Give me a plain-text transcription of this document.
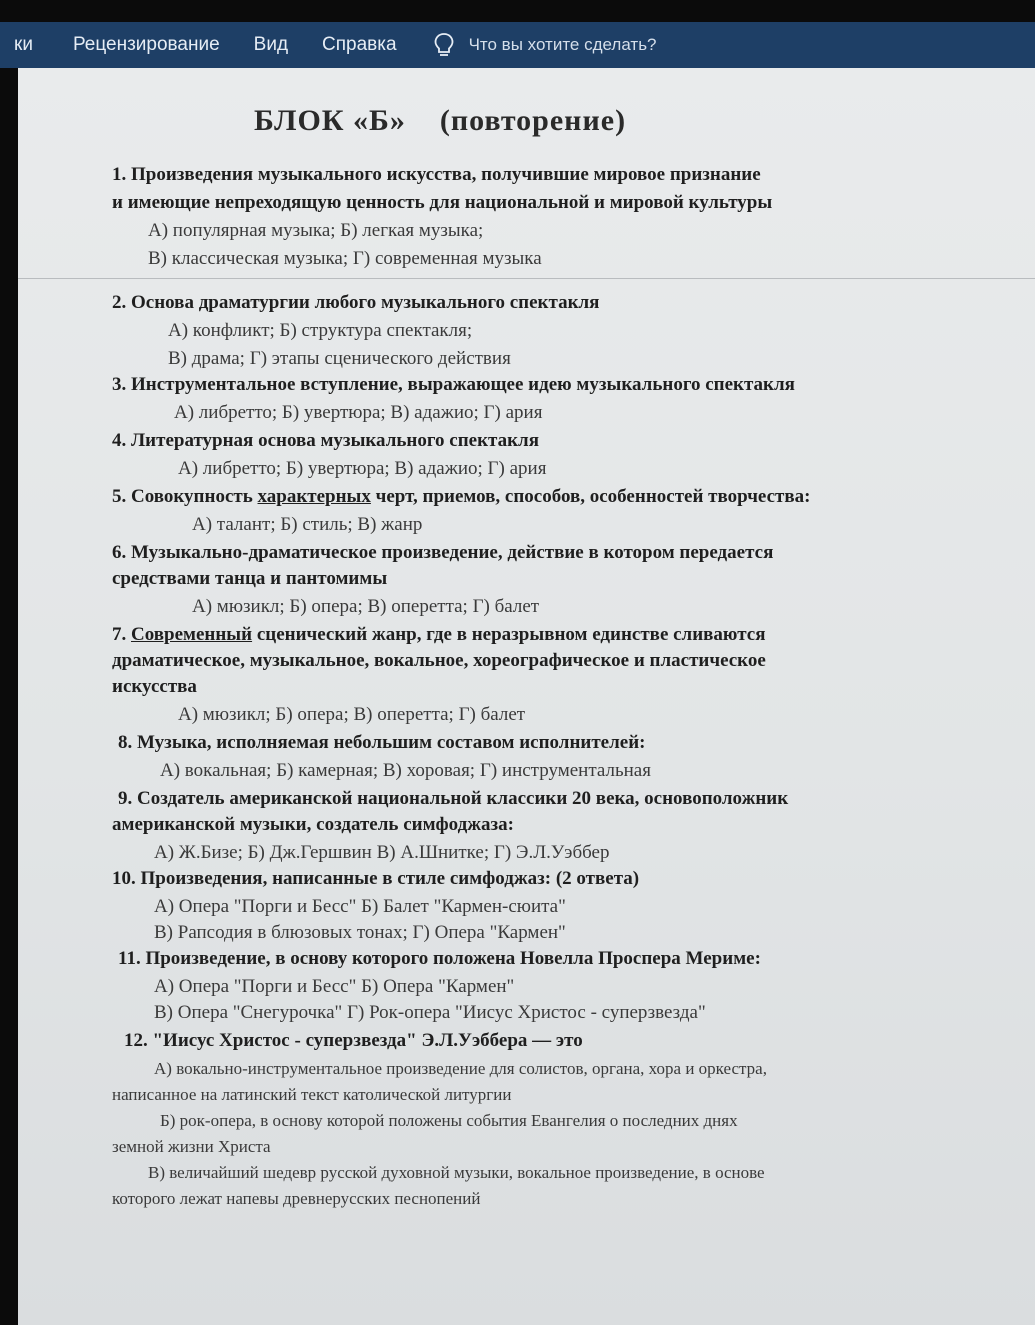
ки Рецензирование Вид Справка	Что вы хотите сделать?
БЛОК «Б»    (повторение)
1. Произведения музыкального искусства, получившие мировое признание
и имеющие непреходящую ценность для национальной и мировой культуры
А) популярная музыка; Б) легкая музыка;
В) классическая музыка; Г) современная музыка
2. Основа драматургии любого музыкального спектакля
А) конфликт; Б) структура спектакля;
В) драма; Г) этапы сценического действия
3. Инструментальное вступление, выражающее идею музыкального спектакля
А) либретто; Б) увертюра; В) адажио; Г) ария
4. Литературная основа музыкального спектакля
А) либретто; Б) увертюра; В) адажио; Г) ария
5. Совокупность характерных черт, приемов, способов, особенностей творчества:
А) талант; Б) стиль; В) жанр
6. Музыкально-драматическое произведение, действие в котором передается
средствами танца и пантомимы
А) мюзикл; Б) опера; В) оперетта; Г) балет
7. Современный сценический жанр, где в неразрывном единстве сливаются
драматическое, музыкальное, вокальное, хореографическое и пластическое
искусства
А) мюзикл; Б) опера; В) оперетта; Г) балет
8. Музыка, исполняемая небольшим составом исполнителей:
А) вокальная; Б) камерная; В) хоровая; Г) инструментальная
9. Создатель американской национальной классики 20 века, основоположник
американской музыки, создатель симфоджаза:
А) Ж.Бизе; Б) Дж.Гершвин В) А.Шнитке; Г) Э.Л.Уэббер
10. Произведения, написанные в стиле симфоджаз: (2 ответа)
А) Опера "Порги и Бесс" Б) Балет "Кармен-сюита"
В) Рапсодия в блюзовых тонах; Г) Опера "Кармен"
11. Произведение, в основу которого положена Новелла Проспера Мериме:
А) Опера "Порги и Бесс" Б) Опера "Кармен"
В) Опера "Снегурочка" Г) Рок-опера "Иисус Христос - суперзвезда"
12. "Иисус Христос - суперзвезда" Э.Л.Уэббера — это
А) вокально-инструментальное произведение для солистов, органа, хора и оркестра,
написанное на латинский текст католической литургии
Б) рок-опера, в основу которой положены события Евангелия о последних днях
земной жизни Христа
В) величайший шедевр русской духовной музыки, вокальное произведение, в основе
которого лежат напевы древнерусских песнопений
